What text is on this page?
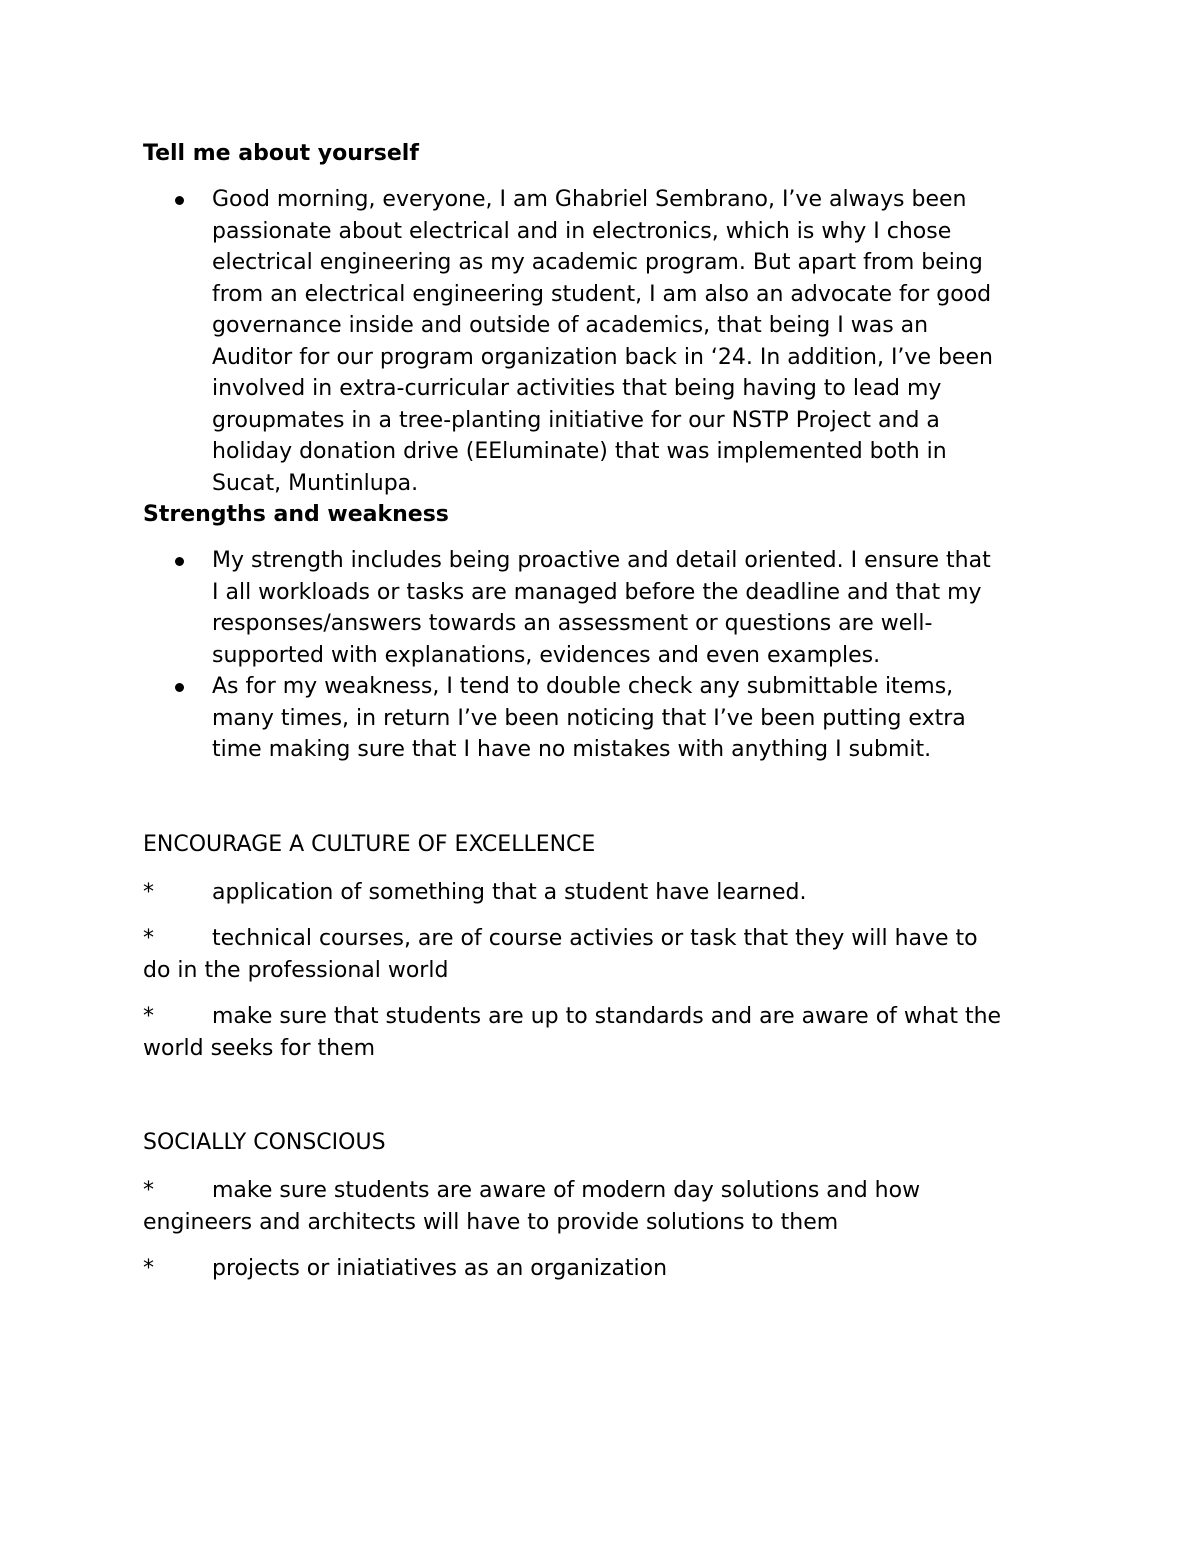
Tell me about yourself
Good morning, everyone, I am Ghabriel Sembrano, I’ve always been
passionate about electrical and in electronics, which is why I chose
electrical engineering as my academic program. But apart from being
from an electrical engineering student, I am also an advocate for good
governance inside and outside of academics, that being I was an
Auditor for our program organization back in ‘24. In addition, I’ve been
involved in extra-curricular activities that being having to lead my
groupmates in a tree-planting initiative for our NSTP Project and a
holiday donation drive (EEluminate) that was implemented both in
Sucat, Muntinlupa.
Strengths and weakness
My strength includes being proactive and detail oriented. I ensure that
I all workloads or tasks are managed before the deadline and that my
responses/answers towards an assessment or questions are well-
supported with explanations, evidences and even examples.
As for my weakness, I tend to double check any submittable items,
many times, in return I’ve been noticing that I’ve been putting extra
time making sure that I have no mistakes with anything I submit.
ENCOURAGE A CULTURE OF EXCELLENCE
*	application of something that a student have learned.
*	technical courses, are of course activies or task that they will have to
do in the professional world
*	make sure that students are up to standards and are aware of what the
world seeks for them
SOCIALLY CONSCIOUS
*	make sure students are aware of modern day solutions and how
engineers and architects will have to provide solutions to them
*	projects or iniatiatives as an organization
